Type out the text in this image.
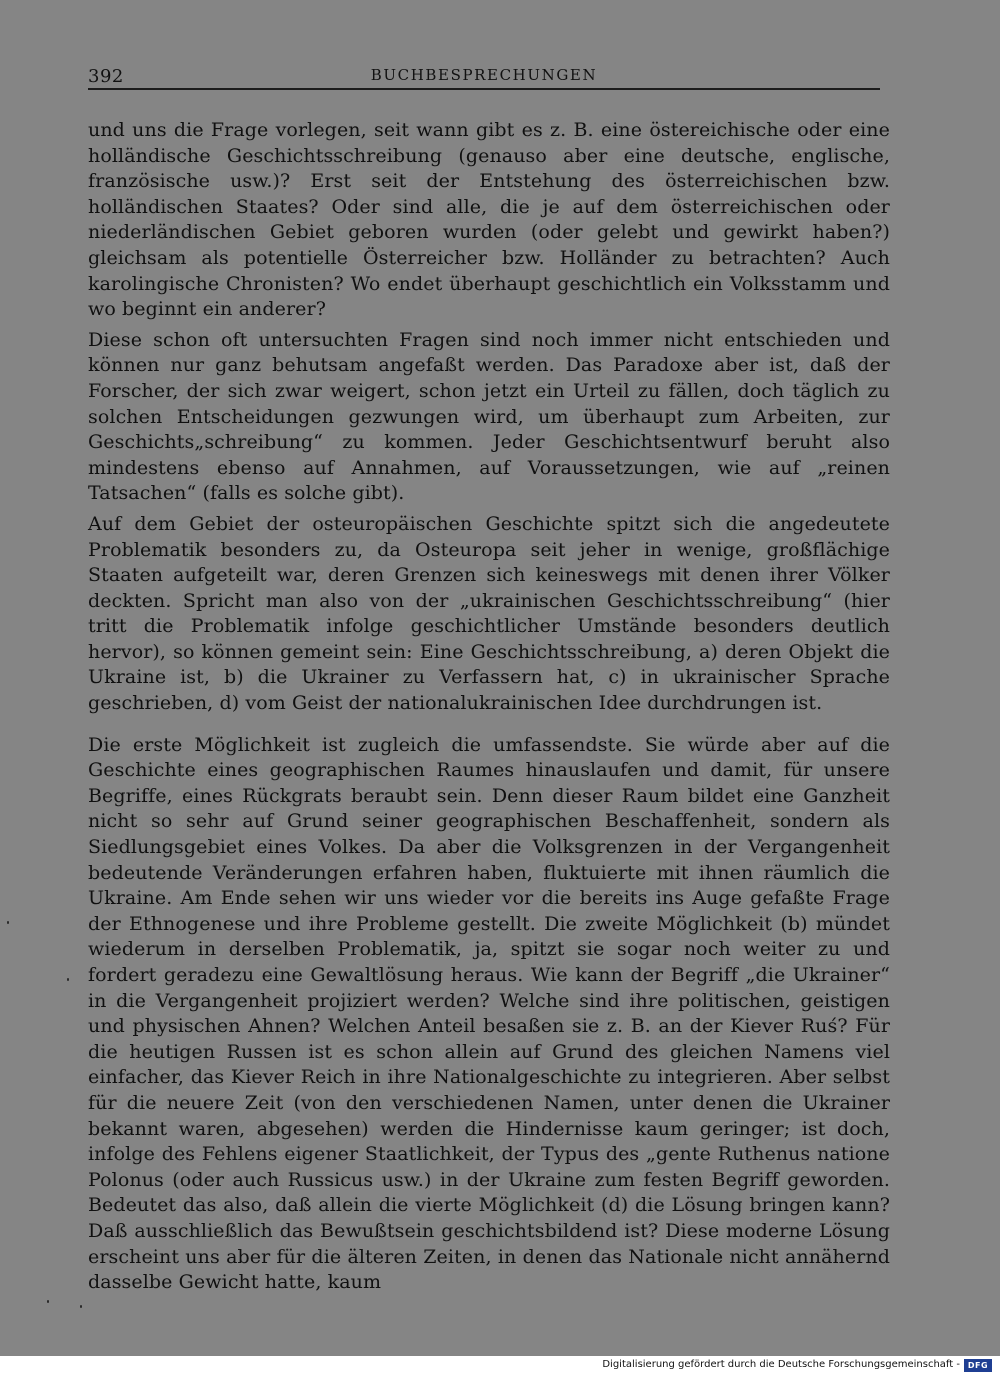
392	BUCHBESPRECHUNGEN

und uns die Frage vorlegen, seit wann gibt es z. B. eine östereichische oder eine holländische Geschichtsschreibung (genauso aber eine deutsche, englische, französische usw.)? Erst seit der Entstehung des österreichischen bzw. holländischen Staates? Oder sind alle, die je auf dem österreichischen oder niederländischen Gebiet geboren wurden (oder gelebt und gewirkt haben?) gleichsam als potentielle Österreicher bzw. Holländer zu betrachten? Auch karolingische Chronisten? Wo endet überhaupt geschichtlich ein Volksstamm und wo beginnt ein anderer?

Diese schon oft untersuchten Fragen sind noch immer nicht entschieden und können nur ganz behutsam angefaßt werden. Das Paradoxe aber ist, daß der Forscher, der sich zwar weigert, schon jetzt ein Urteil zu fällen, doch täglich zu solchen Entscheidungen gezwungen wird, um überhaupt zum Arbeiten, zur Geschichts„schreibung“ zu kommen. Jeder Geschichtsentwurf beruht also mindestens ebenso auf Annahmen, auf Voraussetzungen, wie auf „reinen Tatsachen“ (falls es solche gibt).

Auf dem Gebiet der osteuropäischen Geschichte spitzt sich die angedeutete Problematik besonders zu, da Osteuropa seit jeher in wenige, großflächige Staaten aufgeteilt war, deren Grenzen sich keineswegs mit denen ihrer Völker deckten. Spricht man also von der „ukrainischen Geschichtsschreibung“ (hier tritt die Problematik infolge geschichtlicher Umstände besonders deutlich hervor), so können gemeint sein: Eine Geschichtsschreibung, a) deren Objekt die Ukraine ist, b) die Ukrainer zu Verfassern hat, c) in ukrainischer Sprache geschrieben, d) vom Geist der nationalukrainischen Idee durchdrungen ist.

Die erste Möglichkeit ist zugleich die umfassendste. Sie würde aber auf die Geschichte eines geographischen Raumes hinauslaufen und damit, für unsere Begriffe, eines Rückgrats beraubt sein. Denn dieser Raum bildet eine Ganzheit nicht so sehr auf Grund seiner geographischen Beschaffenheit, sondern als Siedlungsgebiet eines Volkes. Da aber die Volksgrenzen in der Vergangenheit bedeutende Veränderungen erfahren haben, fluktuierte mit ihnen räumlich die Ukraine. Am Ende sehen wir uns wieder vor die bereits ins Auge gefaßte Frage der Ethnogenese und ihre Probleme gestellt. Die zweite Möglichkeit (b) mündet wiederum in derselben Problematik, ja, spitzt sie sogar noch weiter zu und fordert geradezu eine Gewaltlösung heraus. Wie kann der Begriff „die Ukrainer“ in die Vergangenheit projiziert werden? Welche sind ihre politischen, geistigen und physischen Ahnen? Welchen Anteil besaßen sie z. B. an der Kiever Ruś? Für die heutigen Russen ist es schon allein auf Grund des gleichen Namens viel einfacher, das Kiever Reich in ihre Nationalgeschichte zu integrieren. Aber selbst für die neuere Zeit (von den verschiedenen Namen, unter denen die Ukrainer bekannt waren, abgesehen) werden die Hindernisse kaum geringer; ist doch, infolge des Fehlens eigener Staatlichkeit, der Typus des „gente Ruthenus natione Polonus (oder auch Russicus usw.) in der Ukraine zum festen Begriff geworden. Bedeutet das also, daß allein die vierte Möglichkeit (d) die Lösung bringen kann? Daß ausschließlich das Bewußtsein geschichtsbildend ist? Diese moderne Lösung erscheint uns aber für die älteren Zeiten, in denen das Nationale nicht annähernd dasselbe Gewicht hatte, kaum

Digitalisierung gefördert durch die Deutsche Forschungsgemeinschaft - DFG
